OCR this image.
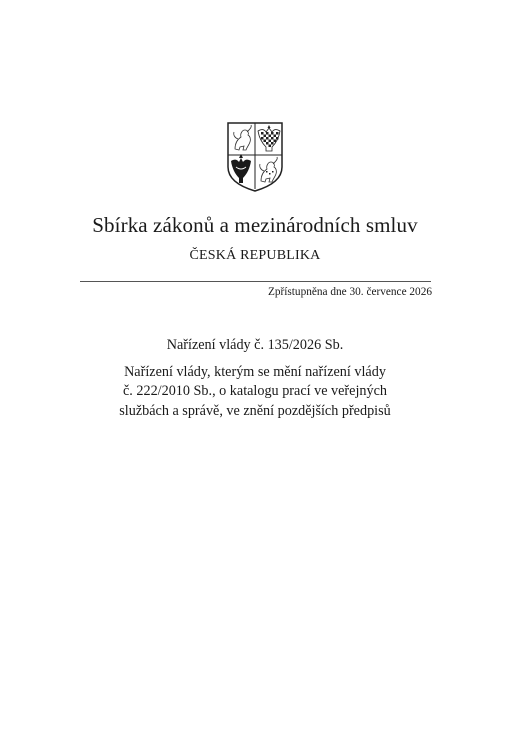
Sbírka zákonů a mezinárodních smluv
ČESKÁ REPUBLIKA
Zpřístupněna dne 30. července 2026
Nařízení vlády č. 135/2026 Sb.
Nařízení vlády, kterým se mění nařízení vlády
č. 222/2010 Sb., o katalogu prací ve veřejných
službách a správě, ve znění pozdějších předpisů
